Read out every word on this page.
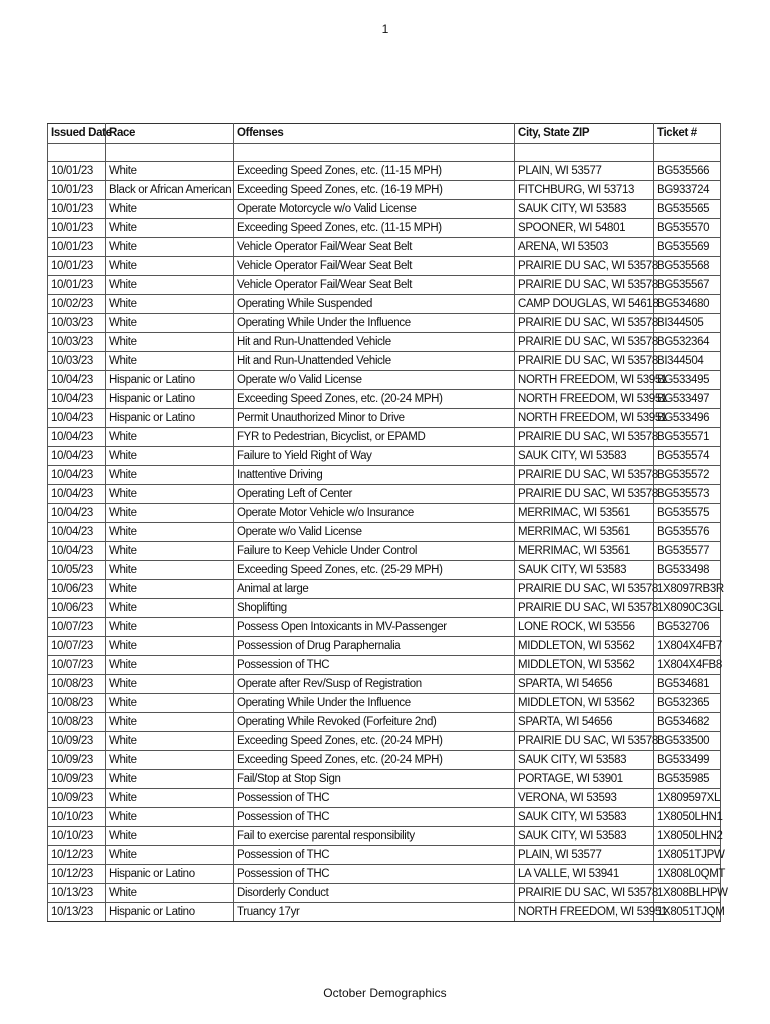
1
Issued Date	Race	Offenses	City, State ZIP	Ticket #

10/01/23	White	Exceeding Speed Zones, etc. (11-15 MPH)	PLAIN, WI 53577	BG535566
10/01/23	Black or African American	Exceeding Speed Zones, etc. (16-19 MPH)	FITCHBURG, WI 53713	BG933724
10/01/23	White	Operate Motorcycle w/o Valid License	SAUK CITY, WI 53583	BG535565
10/01/23	White	Exceeding Speed Zones, etc. (11-15 MPH)	SPOONER, WI 54801	BG535570
10/01/23	White	Vehicle Operator Fail/Wear Seat Belt	ARENA, WI 53503	BG535569
10/01/23	White	Vehicle Operator Fail/Wear Seat Belt	PRAIRIE DU SAC, WI 53578	BG535568
10/01/23	White	Vehicle Operator Fail/Wear Seat Belt	PRAIRIE DU SAC, WI 53578	BG535567
10/02/23	White	Operating While Suspended	CAMP DOUGLAS, WI 54618	BG534680
10/03/23	White	Operating While Under the Influence	PRAIRIE DU SAC, WI 53578	BI344505
10/03/23	White	Hit and Run-Unattended Vehicle	PRAIRIE DU SAC, WI 53578	BG532364
10/03/23	White	Hit and Run-Unattended Vehicle	PRAIRIE DU SAC, WI 53578	BI344504
10/04/23	Hispanic or Latino	Operate w/o Valid License	NORTH FREEDOM, WI 53951	BG533495
10/04/23	Hispanic or Latino	Exceeding Speed Zones, etc. (20-24 MPH)	NORTH FREEDOM, WI 53951	BG533497
10/04/23	Hispanic or Latino	Permit Unauthorized Minor to Drive	NORTH FREEDOM, WI 53951	BG533496
10/04/23	White	FYR to Pedestrian, Bicyclist, or EPAMD	PRAIRIE DU SAC, WI 53578	BG535571
10/04/23	White	Failure to Yield Right of Way	SAUK CITY, WI 53583	BG535574
10/04/23	White	Inattentive Driving	PRAIRIE DU SAC, WI 53578	BG535572
10/04/23	White	Operating Left of Center	PRAIRIE DU SAC, WI 53578	BG535573
10/04/23	White	Operate Motor Vehicle w/o Insurance	MERRIMAC, WI 53561	BG535575
10/04/23	White	Operate w/o Valid License	MERRIMAC, WI 53561	BG535576
10/04/23	White	Failure to Keep Vehicle Under Control	MERRIMAC, WI 53561	BG535577
10/05/23	White	Exceeding Speed Zones, etc. (25-29 MPH)	SAUK CITY, WI 53583	BG533498
10/06/23	White	Animal at large	PRAIRIE DU SAC, WI 53578	1X8097RB3R
10/06/23	White	Shoplifting	PRAIRIE DU SAC, WI 53578	1X8090C3GL
10/07/23	White	Possess Open Intoxicants in MV-Passenger	LONE ROCK, WI 53556	BG532706
10/07/23	White	Possession of Drug Paraphernalia	MIDDLETON, WI 53562	1X804X4FB7
10/07/23	White	Possession of THC	MIDDLETON, WI 53562	1X804X4FB8
10/08/23	White	Operate after Rev/Susp of Registration	SPARTA, WI 54656	BG534681
10/08/23	White	Operating While Under the Influence	MIDDLETON, WI 53562	BG532365
10/08/23	White	Operating While Revoked (Forfeiture 2nd)	SPARTA, WI 54656	BG534682
10/09/23	White	Exceeding Speed Zones, etc. (20-24 MPH)	PRAIRIE DU SAC, WI 53578	BG533500
10/09/23	White	Exceeding Speed Zones, etc. (20-24 MPH)	SAUK CITY, WI 53583	BG533499
10/09/23	White	Fail/Stop at Stop Sign	PORTAGE, WI 53901	BG535985
10/09/23	White	Possession of THC	VERONA, WI 53593	1X809597XL
10/10/23	White	Possession of THC	SAUK CITY, WI 53583	1X8050LHN1
10/10/23	White	Fail to exercise parental responsibility	SAUK CITY, WI 53583	1X8050LHN2
10/12/23	White	Possession of THC	PLAIN, WI 53577	1X8051TJPW
10/12/23	Hispanic or Latino	Possession of THC	LA VALLE, WI 53941	1X808L0QMT
10/13/23	White	Disorderly Conduct	PRAIRIE DU SAC, WI 53578	1X808BLHPW
10/13/23	Hispanic or Latino	Truancy 17yr	NORTH FREEDOM, WI 53951	1X8051TJQM
October Demographics
